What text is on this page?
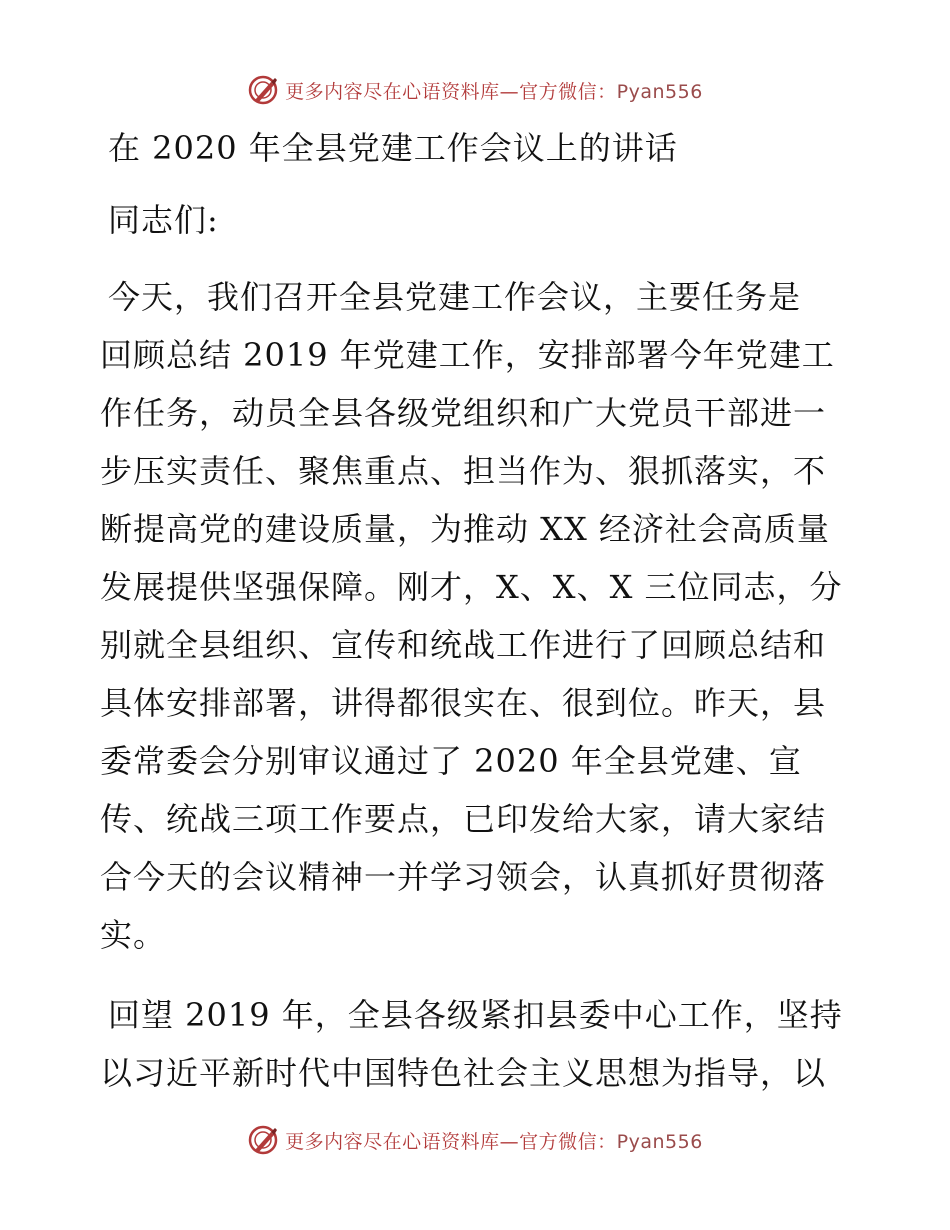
更多内容尽在心语资料库—官方微信：Pyan556
在 2020 年全县党建工作会议上的讲话
同志们:
今天，我们召开全县党建工作会议，主要任务是
回顾总结 2019 年党建工作，安排部署今年党建工
作任务，动员全县各级党组织和广大党员干部进一
步压实责任、聚焦重点、担当作为、狠抓落实，不
断提高党的建设质量，为推动 XX 经济社会高质量
发展提供坚强保障。刚才，X、X、X 三位同志，分
别就全县组织、宣传和统战工作进行了回顾总结和
具体安排部署，讲得都很实在、很到位。昨天，县
委常委会分别审议通过了 2020 年全县党建、宣
传、统战三项工作要点，已印发给大家，请大家结
合今天的会议精神一并学习领会，认真抓好贯彻落
实。
回望 2019 年，全县各级紧扣县委中心工作，坚持
以习近平新时代中国特色社会主义思想为指导，以
更多内容尽在心语资料库—官方微信：Pyan556
